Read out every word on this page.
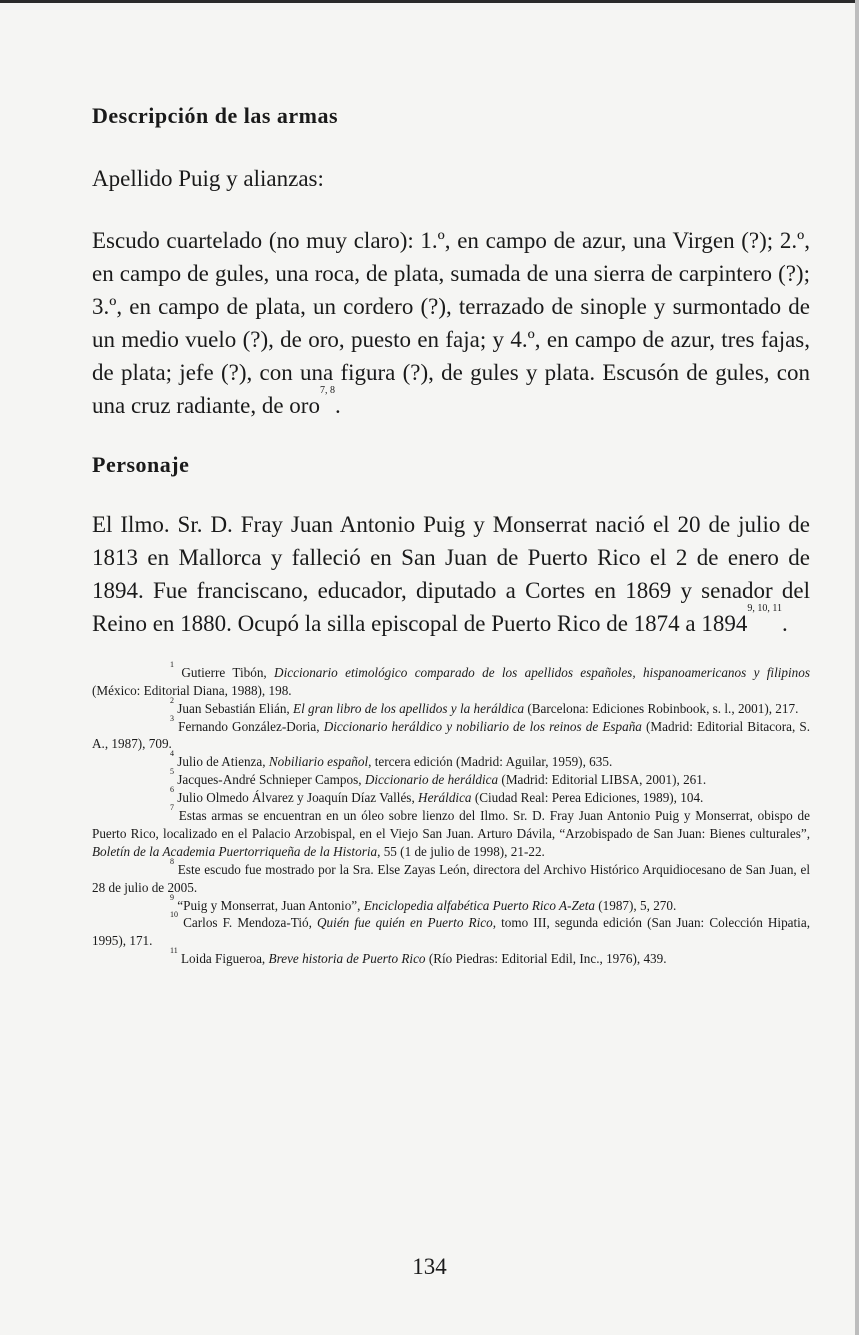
Descripción de las armas

Apellido Puig y alianzas:

Escudo cuartelado (no muy claro): 1.º, en campo de azur, una Virgen (?); 2.º, en campo de gules, una roca, de plata, sumada de una sierra de carpintero (?); 3.º, en campo de plata, un cordero (?), terrazado de sinople y surmontado de un medio vuelo (?), de oro, puesto en faja; y 4.º, en campo de azur, tres fajas, de plata; jefe (?), con una figura (?), de gules y plata. Escusón de gules, con una cruz radiante, de oro$^{7, 8}$.

Personaje

El Ilmo. Sr. D. Fray Juan Antonio Puig y Monserrat nació el 20 de julio de 1813 en Mallorca y falleció en San Juan de Puerto Rico el 2 de enero de 1894. Fue franciscano, educador, diputado a Cortes en 1869 y senador del Reino en 1880. Ocupó la silla episcopal de Puerto Rico de 1874 a 1894$^{9, 10, 11}$.

$^1$ Gutierre Tibón, Diccionario etimológico comparado de los apellidos españoles, hispanoamericanos y filipinos (México: Editorial Diana, 1988), 198.

$^2$ Juan Sebastián Elián, El gran libro de los apellidos y la heráldica (Barcelona: Ediciones Robinbook, s. l., 2001), 217.

$^3$ Fernando González-Doria, Diccionario heráldico y nobiliario de los reinos de España (Madrid: Editorial Bitacora, S. A., 1987), 709.

$^4$ Julio de Atienza, Nobiliario español, tercera edición (Madrid: Aguilar, 1959), 635.

$^5$ Jacques-André Schnieper Campos, Diccionario de heráldica (Madrid: Editorial LIBSA, 2001), 261.

$^6$ Julio Olmedo Álvarez y Joaquín Díaz Vallés, Heráldica (Ciudad Real: Perea Ediciones, 1989), 104.

$^7$ Estas armas se encuentran en un óleo sobre lienzo del Ilmo. Sr. D. Fray Juan Antonio Puig y Monserrat, obispo de Puerto Rico, localizado en el Palacio Arzobispal, en el Viejo San Juan. Arturo Dávila, “Arzobispado de San Juan: Bienes culturales”, Boletín de la Academia Puertorriqueña de la Historia, 55 (1 de julio de 1998), 21-22.

$^8$ Este escudo fue mostrado por la Sra. Else Zayas León, directora del Archivo Histórico Arquidiocesano de San Juan, el 28 de julio de 2005.

$^9$ “Puig y Monserrat, Juan Antonio”, Enciclopedia alfabética Puerto Rico A-Zeta (1987), 5, 270.

$^{10}$ Carlos F. Mendoza-Tió, Quién fue quién en Puerto Rico, tomo III, segunda edición (San Juan: Colección Hipatia, 1995), 171.

$^{11}$ Loida Figueroa, Breve historia de Puerto Rico (Río Piedras: Editorial Edil, Inc., 1976), 439.

134
